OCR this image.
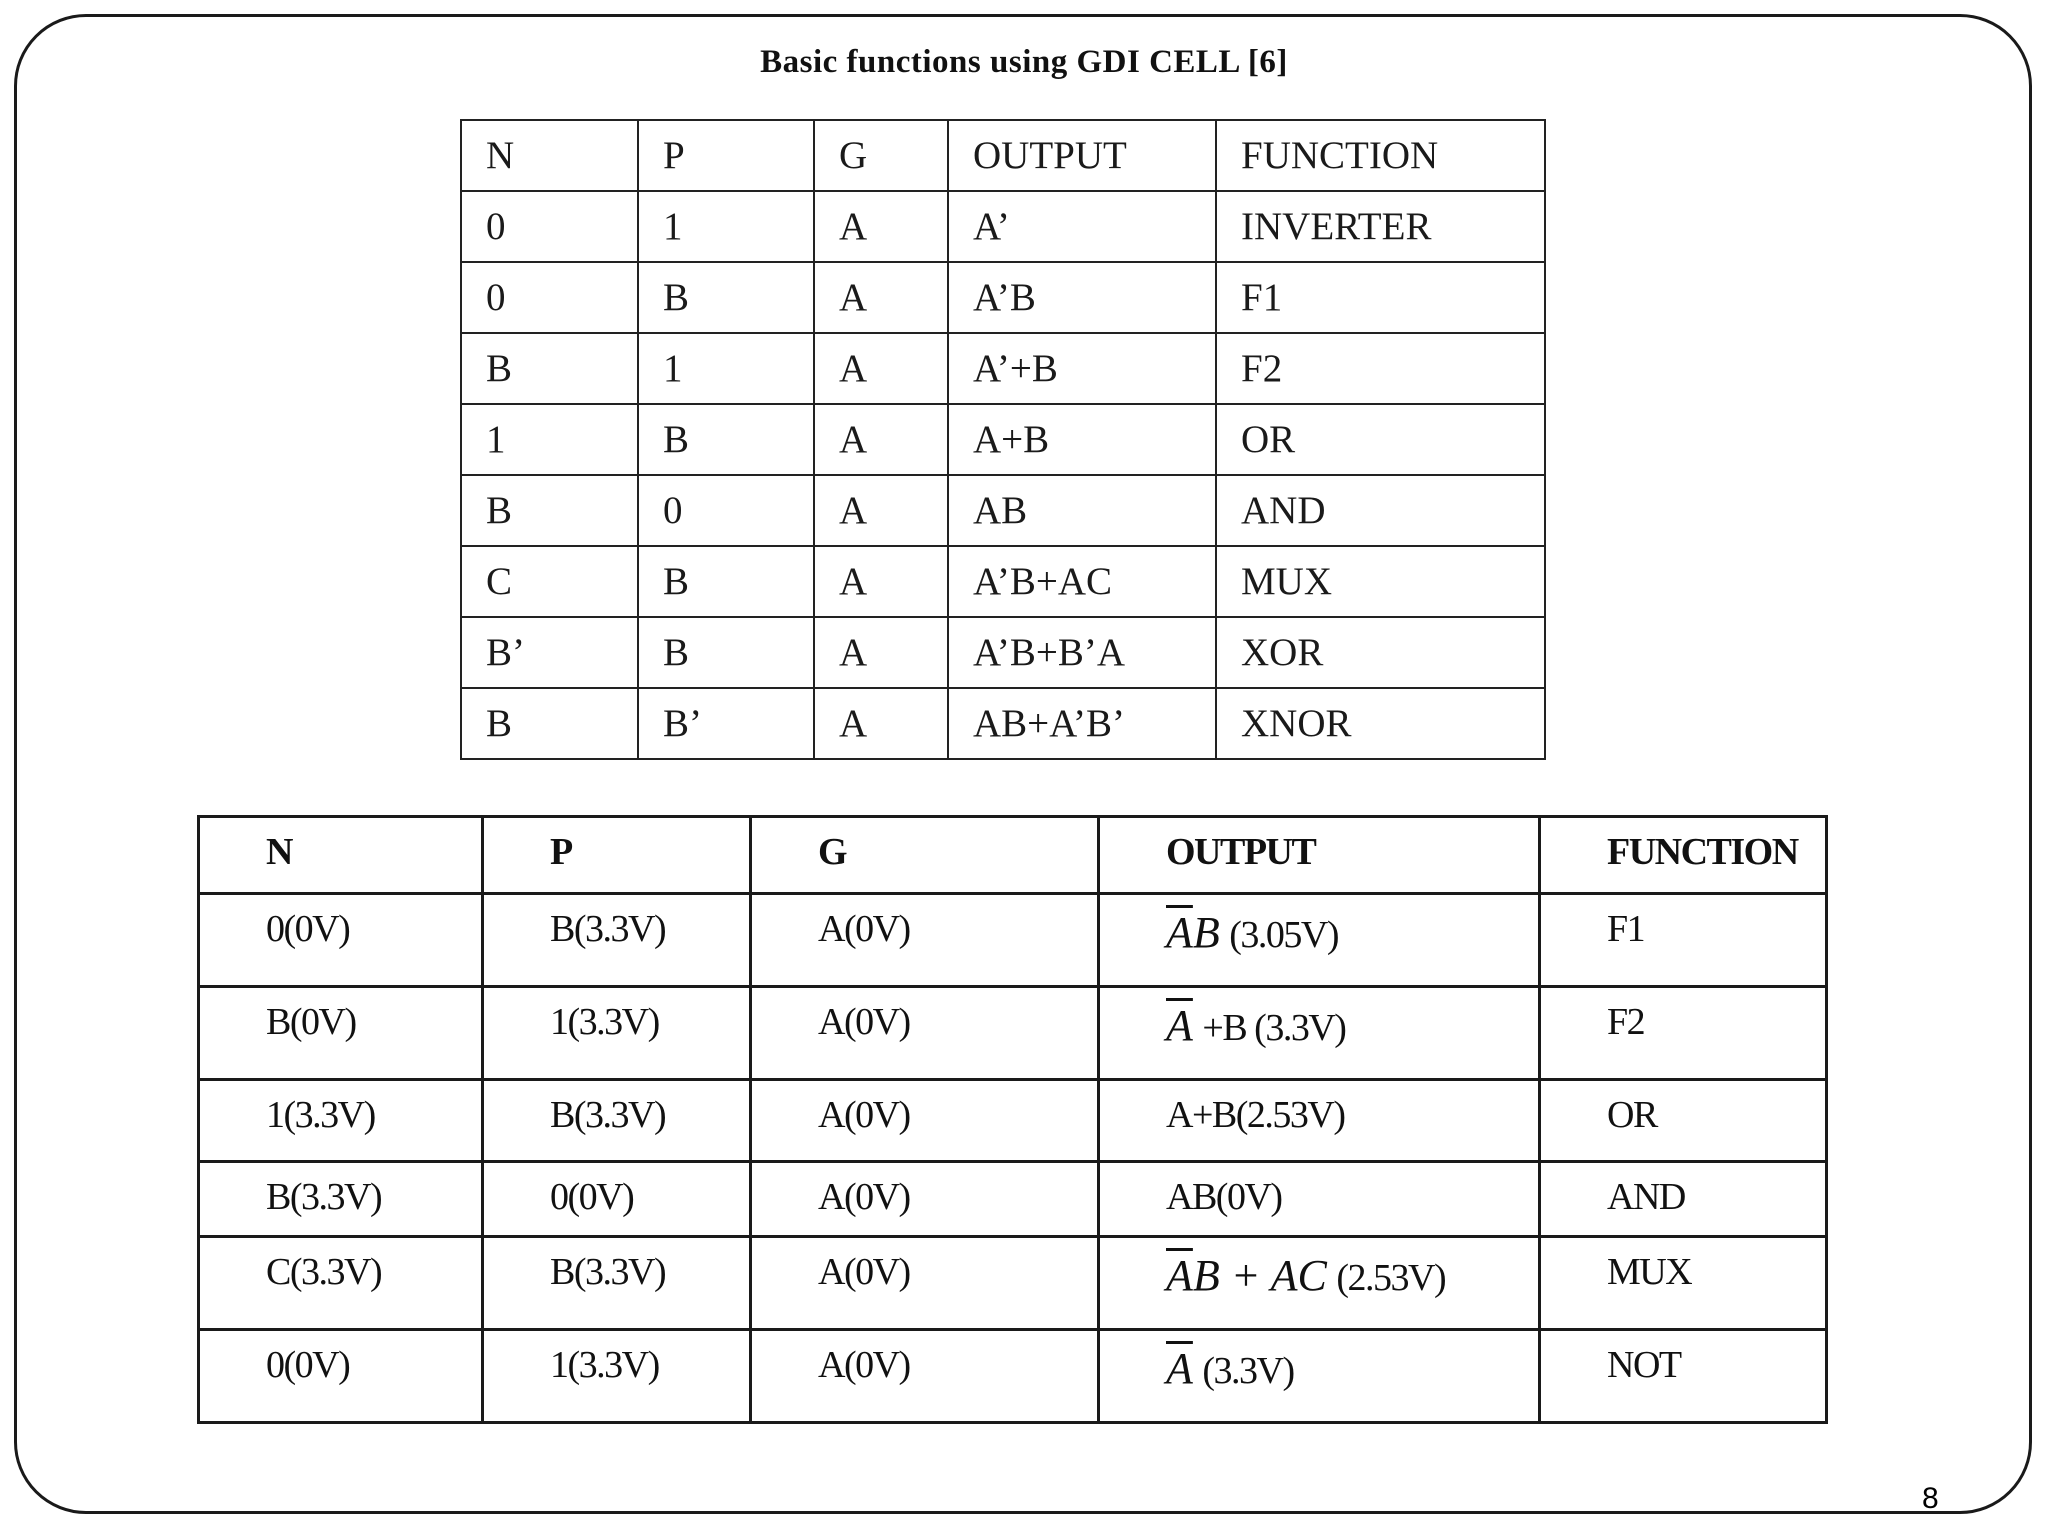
Basic functions using GDI CELL [6]
N	P	G	OUTPUT	FUNCTION
0	1	A	A’	INVERTER
0	B	A	A’B	F1
B	1	A	A’+B	F2
1	B	A	A+B	OR
B	0	A	AB	AND
C	B	A	A’B+AC	MUX
B’	B	A	A’B+B’A	XOR
B	B’	A	AB+A’B’	XNOR
N	P	G	OUTPUT	FUNCTION
0(0V)	B(3.3V)	A(0V)	$\overline{A}B$ (3.05V)	F1
B(0V)	1(3.3V)	A(0V)	$\overline{A} +B$ (3.3V)	F2
1(3.3V)	B(3.3V)	A(0V)	A+B(2.53V)	OR
B(3.3V)	0(0V)	A(0V)	AB(0V)	AND
C(3.3V)	B(3.3V)	A(0V)	$\overline{A}B$ + AC (2.53V)	MUX
0(0V)	1(3.3V)	A(0V)	$\overline{A}$ (3.3V)	NOT
8
